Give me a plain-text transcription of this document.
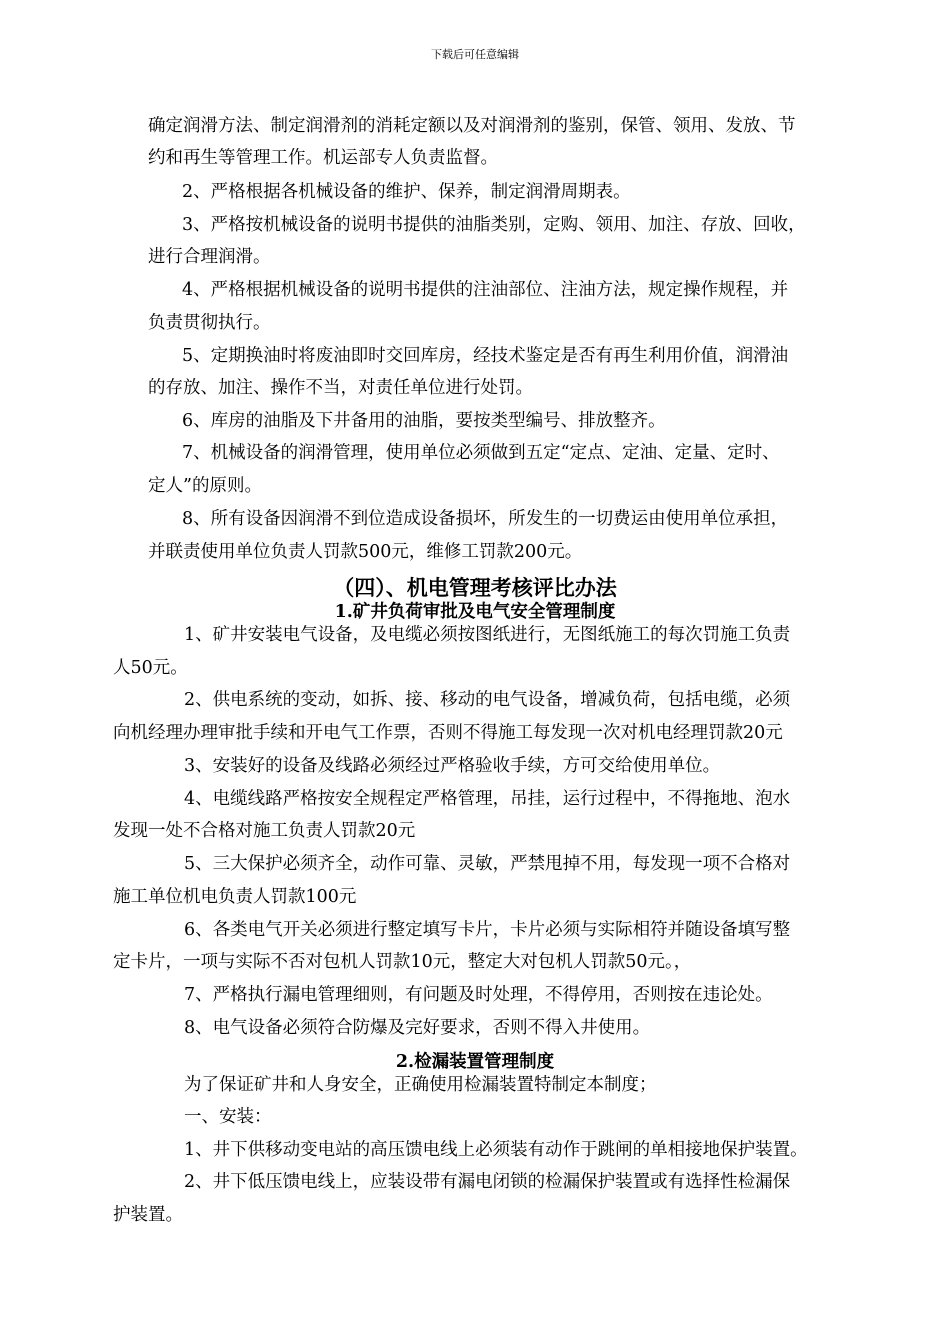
下载后可任意编辑
确定润滑方法、制定润滑剂的消耗定额以及对润滑剂的鉴别，保管、领用、发放、节
约和再生等管理工作。机运部专人负责监督。
2、严格根据各机械设备的维护、保养，制定润滑周期表。
3、严格按机械设备的说明书提供的油脂类别，定购、领用、加注、存放、回收，
进行合理润滑。
4、严格根据机械设备的说明书提供的注油部位、注油方法，规定操作规程，并
负责贯彻执行。
5、定期换油时将废油即时交回库房，经技术鉴定是否有再生利用价值，润滑油
的存放、加注、操作不当，对责任单位进行处罚。
6、库房的油脂及下井备用的油脂，要按类型编号、排放整齐。
7、机械设备的润滑管理，使用单位必须做到五定“定点、定油、定量、定时、
定人”的原则。
8、所有设备因润滑不到位造成设备损坏，所发生的一切费运由使用单位承担，
并联责使用单位负责人罚款500元，维修工罚款200元。
（四）、机电管理考核评比办法
1.矿井负荷审批及电气安全管理制度
1、矿井安装电气设备，及电缆必须按图纸进行，无图纸施工的每次罚施工负责
人50元。
2、供电系统的变动，如拆、接、移动的电气设备，增减负荷，包括电缆，必须
向机经理办理审批手续和开电气工作票，否则不得施工每发现一次对机电经理罚款20元
3、安装好的设备及线路必须经过严格验收手续，方可交给使用单位。
4、电缆线路严格按安全规程定严格管理，吊挂，运行过程中，不得拖地、泡水
发现一处不合格对施工负责人罚款20元
5、三大保护必须齐全，动作可靠、灵敏，严禁甩掉不用，每发现一项不合格对
施工单位机电负责人罚款100元
6、各类电气开关必须进行整定填写卡片，卡片必须与实际相符并随设备填写整
定卡片，一项与实际不否对包机人罚款10元，整定大对包机人罚款50元。，
7、严格执行漏电管理细则，有问题及时处理，不得停用，否则按在违论处。
8、电气设备必须符合防爆及完好要求，否则不得入井使用。
2.检漏装置管理制度
为了保证矿井和人身安全，正确使用检漏装置特制定本制度；
一、安装：
1、井下供移动变电站的高压馈电线上必须装有动作于跳闸的单相接地保护装置。
2、井下低压馈电线上，应装设带有漏电闭锁的检漏保护装置或有选择性检漏保
护装置。
